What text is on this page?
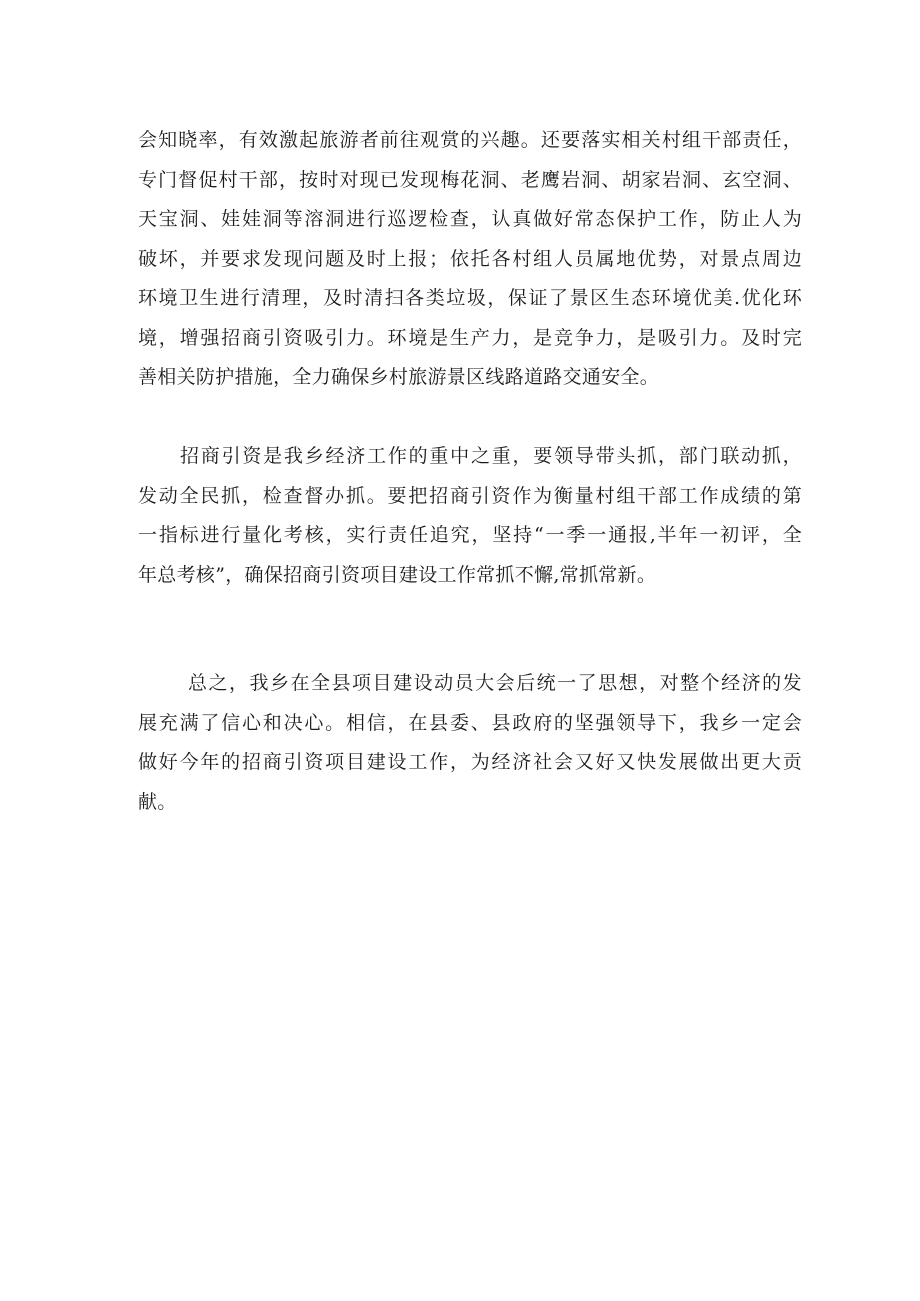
会知晓率，有效激起旅游者前往观赏的兴趣。还要落实相关村组干部责任，
专门督促村干部，按时对现已发现梅花洞、老鹰岩洞、胡家岩洞、玄空洞、
天宝洞、娃娃洞等溶洞进行巡逻检查，认真做好常态保护工作，防止人为
破坏，并要求发现问题及时上报；依托各村组人员属地优势，对景点周边
环境卫生进行清理，及时清扫各类垃圾，保证了景区生态环境优美.优化环
境，增强招商引资吸引力。环境是生产力，是竞争力，是吸引力。及时完
善相关防护措施，全力确保乡村旅游景区线路道路交通安全。
招商引资是我乡经济工作的重中之重，要领导带头抓，部门联动抓，
发动全民抓，检查督办抓。要把招商引资作为衡量村组干部工作成绩的第
一指标进行量化考核，实行责任追究，坚持“一季一通报,半年一初评，全
年总考核”，确保招商引资项目建设工作常抓不懈,常抓常新。
总之，我乡在全县项目建设动员大会后统一了思想，对整个经济的发
展充满了信心和决心。相信，在县委、县政府的坚强领导下，我乡一定会
做好今年的招商引资项目建设工作，为经济社会又好又快发展做出更大贡
献。
